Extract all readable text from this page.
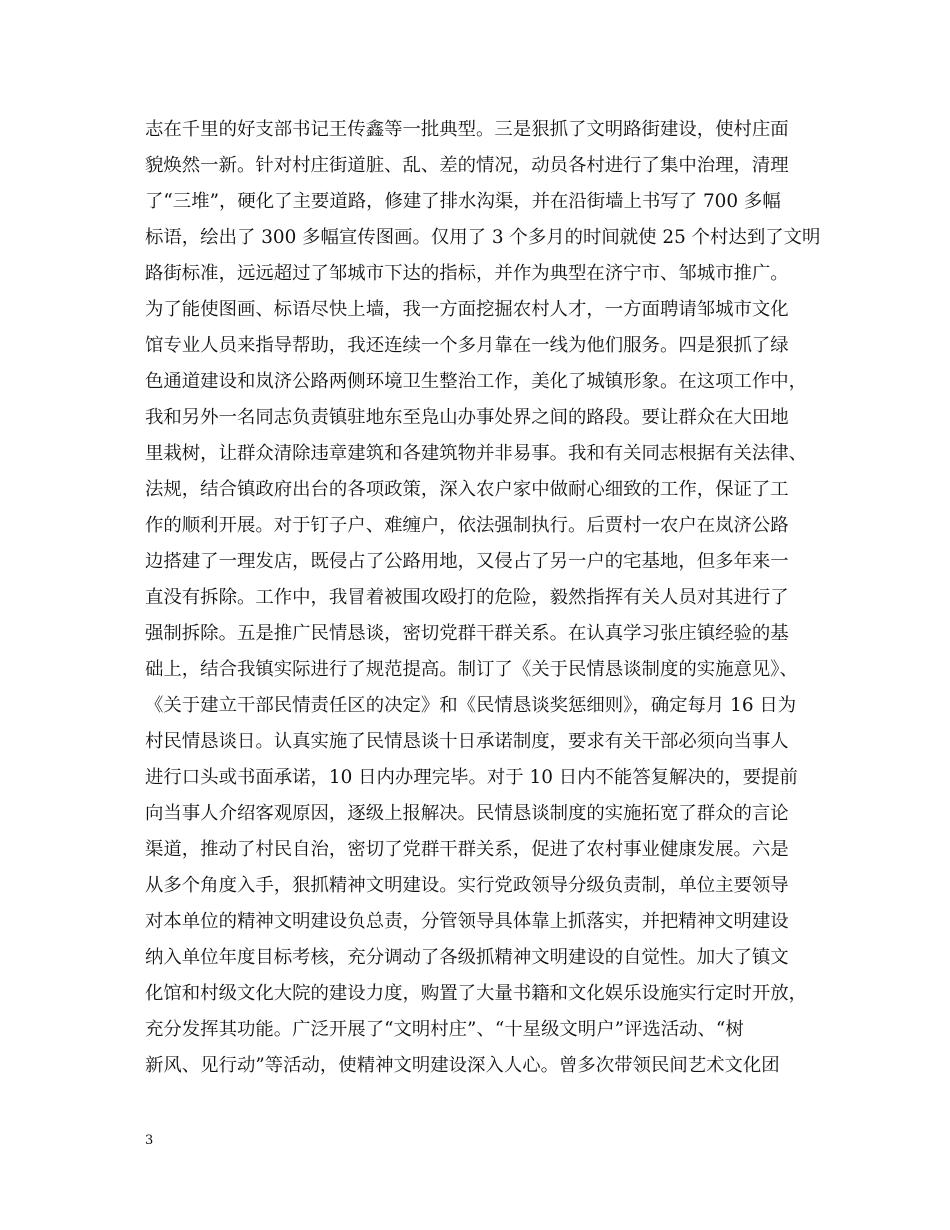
志在千里的好支部书记王传鑫等一批典型。三是狠抓了文明路街建设，使村庄面
貌焕然一新。针对村庄街道脏、乱、差的情况，动员各村进行了集中治理，清理
了“三堆”，硬化了主要道路，修建了排水沟渠，并在沿街墙上书写了 700 多幅
标语，绘出了 300 多幅宣传图画。仅用了 3 个多月的时间就使 25 个村达到了文明
路街标准，远远超过了邹城市下达的指标，并作为典型在济宁市、邹城市推广。
为了能使图画、标语尽快上墙，我一方面挖掘农村人才，一方面聘请邹城市文化
馆专业人员来指导帮助，我还连续一个多月靠在一线为他们服务。四是狠抓了绿
色通道建设和岚济公路两侧环境卫生整治工作，美化了城镇形象。在这项工作中，
我和另外一名同志负责镇驻地东至凫山办事处界之间的路段。要让群众在大田地
里栽树，让群众清除违章建筑和各建筑物并非易事。我和有关同志根据有关法律、
法规，结合镇政府出台的各项政策，深入农户家中做耐心细致的工作，保证了工
作的顺利开展。对于钉子户、难缠户，依法强制执行。后贾村一农户在岚济公路
边搭建了一理发店，既侵占了公路用地，又侵占了另一户的宅基地，但多年来一
直没有拆除。工作中，我冒着被围攻殴打的危险，毅然指挥有关人员对其进行了
强制拆除。五是推广民情恳谈，密切党群干群关系。在认真学习张庄镇经验的基
础上，结合我镇实际进行了规范提高。制订了《关于民情恳谈制度的实施意见》、
《关于建立干部民情责任区的决定》和《民情恳谈奖惩细则》，确定每月 16 日为
村民情恳谈日。认真实施了民情恳谈十日承诺制度，要求有关干部必须向当事人
进行口头或书面承诺，10 日内办理完毕。对于 10 日内不能答复解决的，要提前
向当事人介绍客观原因，逐级上报解决。民情恳谈制度的实施拓宽了群众的言论
渠道，推动了村民自治，密切了党群干群关系，促进了农村事业健康发展。六是
从多个角度入手，狠抓精神文明建设。实行党政领导分级负责制，单位主要领导
对本单位的精神文明建设负总责，分管领导具体靠上抓落实，并把精神文明建设
纳入单位年度目标考核，充分调动了各级抓精神文明建设的自觉性。加大了镇文
化馆和村级文化大院的建设力度，购置了大量书籍和文化娱乐设施实行定时开放，
充分发挥其功能。广泛开展了“文明村庄”、“十星级文明户”评选活动、“树
新风、见行动”等活动，使精神文明建设深入人心。曾多次带领民间艺术文化团
3
